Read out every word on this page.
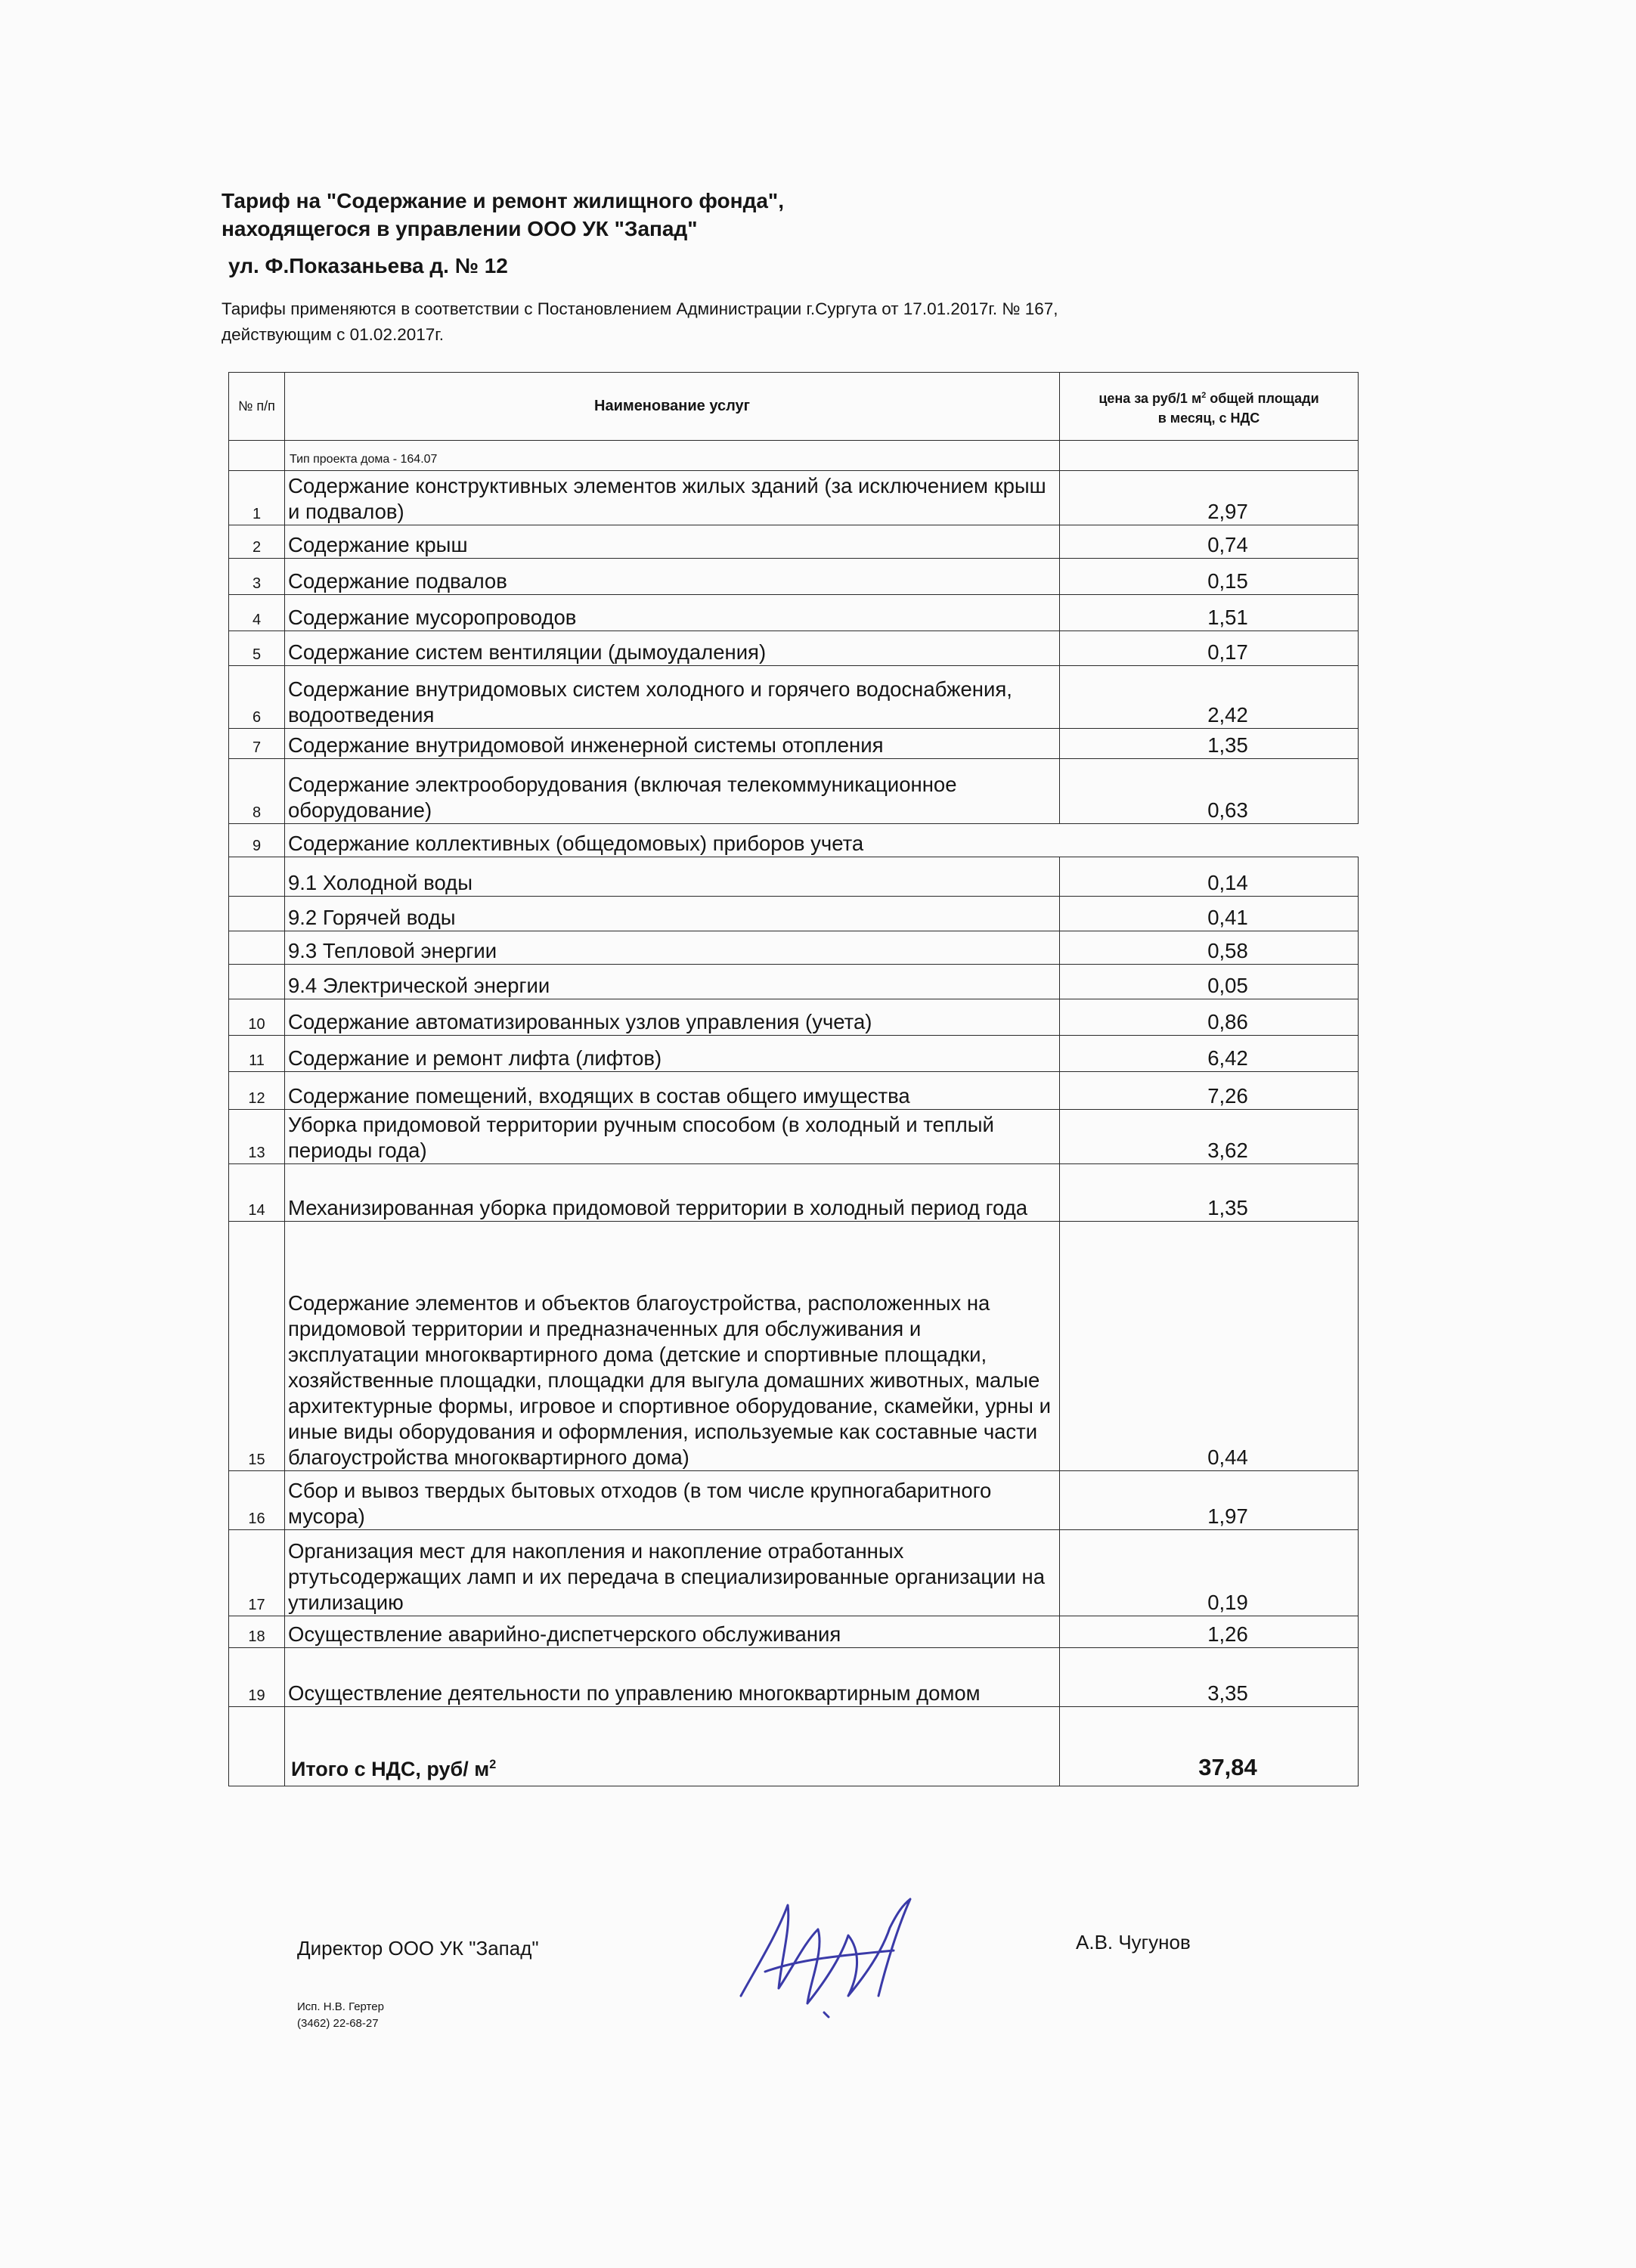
Тариф на "Содержание и ремонт жилищного фонда",
находящегося в управлении ООО УК "Запад"
ул. Ф.Показаньева д. № 12
Тарифы применяются в соответствии с Постановлением Администрации г.Сургута от 17.01.2017г. № 167,
действующим с 01.02.2017г.
№ п/п	Наименование услуг	цена за руб/1 $м^2$ общей площади
в месяц, с НДС
	Тип проекта дома - 164.07	
1	Содержание конструктивных элементов жилых зданий (за исключением крыш и подвалов)	2,97
2	Содержание крыш	0,74
3	Содержание подвалов	0,15
4	Содержание мусоропроводов	1,51
5	Содержание систем вентиляции (дымоудаления)	0,17
6	Содержание внутридомовых систем холодного и горячего водоснабжения, водоотведения	2,42
7	Содержание внутридомовой инженерной системы отопления	1,35
8	Содержание электрооборудования (включая телекоммуникационное оборудование)	0,63
9	Содержание коллективных (общедомовых) приборов учета	
	9.1 Холодной воды	0,14
	9.2 Горячей воды	0,41
	9.3 Тепловой энергии	0,58
	9.4 Электрической энергии	0,05
10	Содержание автоматизированных узлов управления (учета)	0,86
11	Содержание и ремонт лифта (лифтов)	6,42
12	Содержание помещений, входящих в состав общего имущества	7,26
13	Уборка придомовой территории ручным способом (в холодный и теплый периоды года)	3,62
14	Механизированная уборка придомовой территории в холодный период года	1,35
15	Содержание элементов и объектов благоустройства, расположенных на придомовой территории и предназначенных для обслуживания и эксплуатации многоквартирного дома (детские и спортивные площадки, хозяйственные площадки, площадки для выгула домашних животных, малые архитектурные формы, игровое и спортивное оборудование, скамейки, урны и иные виды оборудования и оформления, используемые как составные части благоустройства многоквартирного дома)	0,44
16	Сбор и вывоз твердых бытовых отходов (в том числе крупногабаритного мусора)	1,97
17	Организация мест для накопления и накопление отработанных ртутьсодержащих ламп и их передача в специализированные организации на утилизацию	0,19
18	Осуществление аварийно-диспетчерского обслуживания	1,26
19	Осуществление деятельности по управлению многоквартирным домом	3,35
	Итого с НДС, руб/ $м^2$	37,84
Директор ООО УК "Запад"	А.В. Чугунов
Исп. Н.В. Гертер
(3462) 22-68-27
